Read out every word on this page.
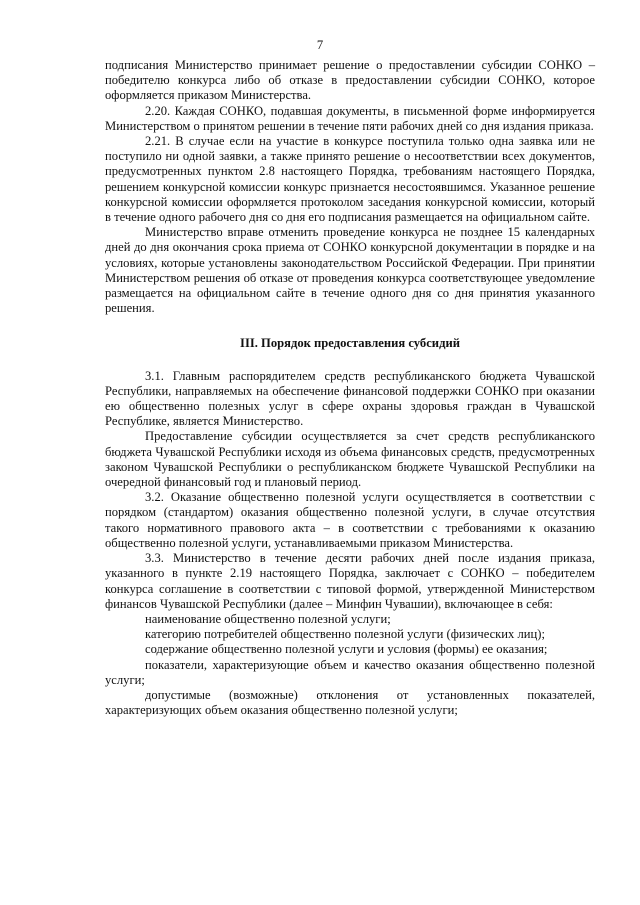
7

подписания Министерство принимает решение о предоставлении субсидии СОНКО – победителю конкурса либо об отказе в предоставлении субсидии СОНКО, которое оформляется приказом Министерства.

2.20. Каждая СОНКО, подавшая документы, в письменной форме информируется Министерством о принятом решении в течение пяти рабочих дней со дня издания приказа.

2.21. В случае если на участие в конкурсе поступила только одна заявка или не поступило ни одной заявки, а также принято решение о несоответствии всех документов, предусмотренных пунктом 2.8 настоящего Порядка, требованиям настоящего Порядка, решением конкурсной комиссии конкурс признается несостоявшимся. Указанное решение конкурсной комиссии оформляется протоколом заседания конкурсной комиссии, который в течение одного рабочего дня со дня его подписания размещается на официальном сайте.

Министерство вправе отменить проведение конкурса не позднее 15 календарных дней до дня окончания срока приема от СОНКО конкурсной документации в порядке и на условиях, которые установлены законодательством Российской Федерации. При принятии Министерством решения об отказе от проведения конкурса соответствующее уведомление размещается на официальном сайте в течение одного дня со дня принятия указанного решения.

III. Порядок предоставления субсидий

3.1. Главным распорядителем средств республиканского бюджета Чувашской Республики, направляемых на обеспечение финансовой поддержки СОНКО при оказании ею общественно полезных услуг в сфере охраны здоровья граждан в Чувашской Республике, является Министерство.

Предоставление субсидии осуществляется за счет средств республиканского бюджета Чувашской Республики исходя из объема финансовых средств, предусмотренных законом Чувашской Республики о республиканском бюджете Чувашской Республики на очередной финансовый год и плановый период.

3.2. Оказание общественно полезной услуги осуществляется в соответствии с порядком (стандартом) оказания общественно полезной услуги, в случае отсутствия такого нормативного правового акта – в соответствии с требованиями к оказанию общественно полезной услуги, устанавливаемыми приказом Министерства.

3.3. Министерство в течение десяти рабочих дней после издания приказа, указанного в пункте 2.19 настоящего Порядка, заключает с СОНКО – победителем конкурса соглашение в соответствии с типовой формой, утвержденной Министерством финансов Чувашской Республики (далее – Минфин Чувашии), включающее в себя:

наименование общественно полезной услуги;

категорию потребителей общественно полезной услуги (физических лиц);

содержание общественно полезной услуги и условия (формы) ее оказания;

показатели, характеризующие объем и качество оказания общественно полезной услуги;

допустимые (возможные) отклонения от установленных показателей, характеризующих объем оказания общественно полезной услуги;
